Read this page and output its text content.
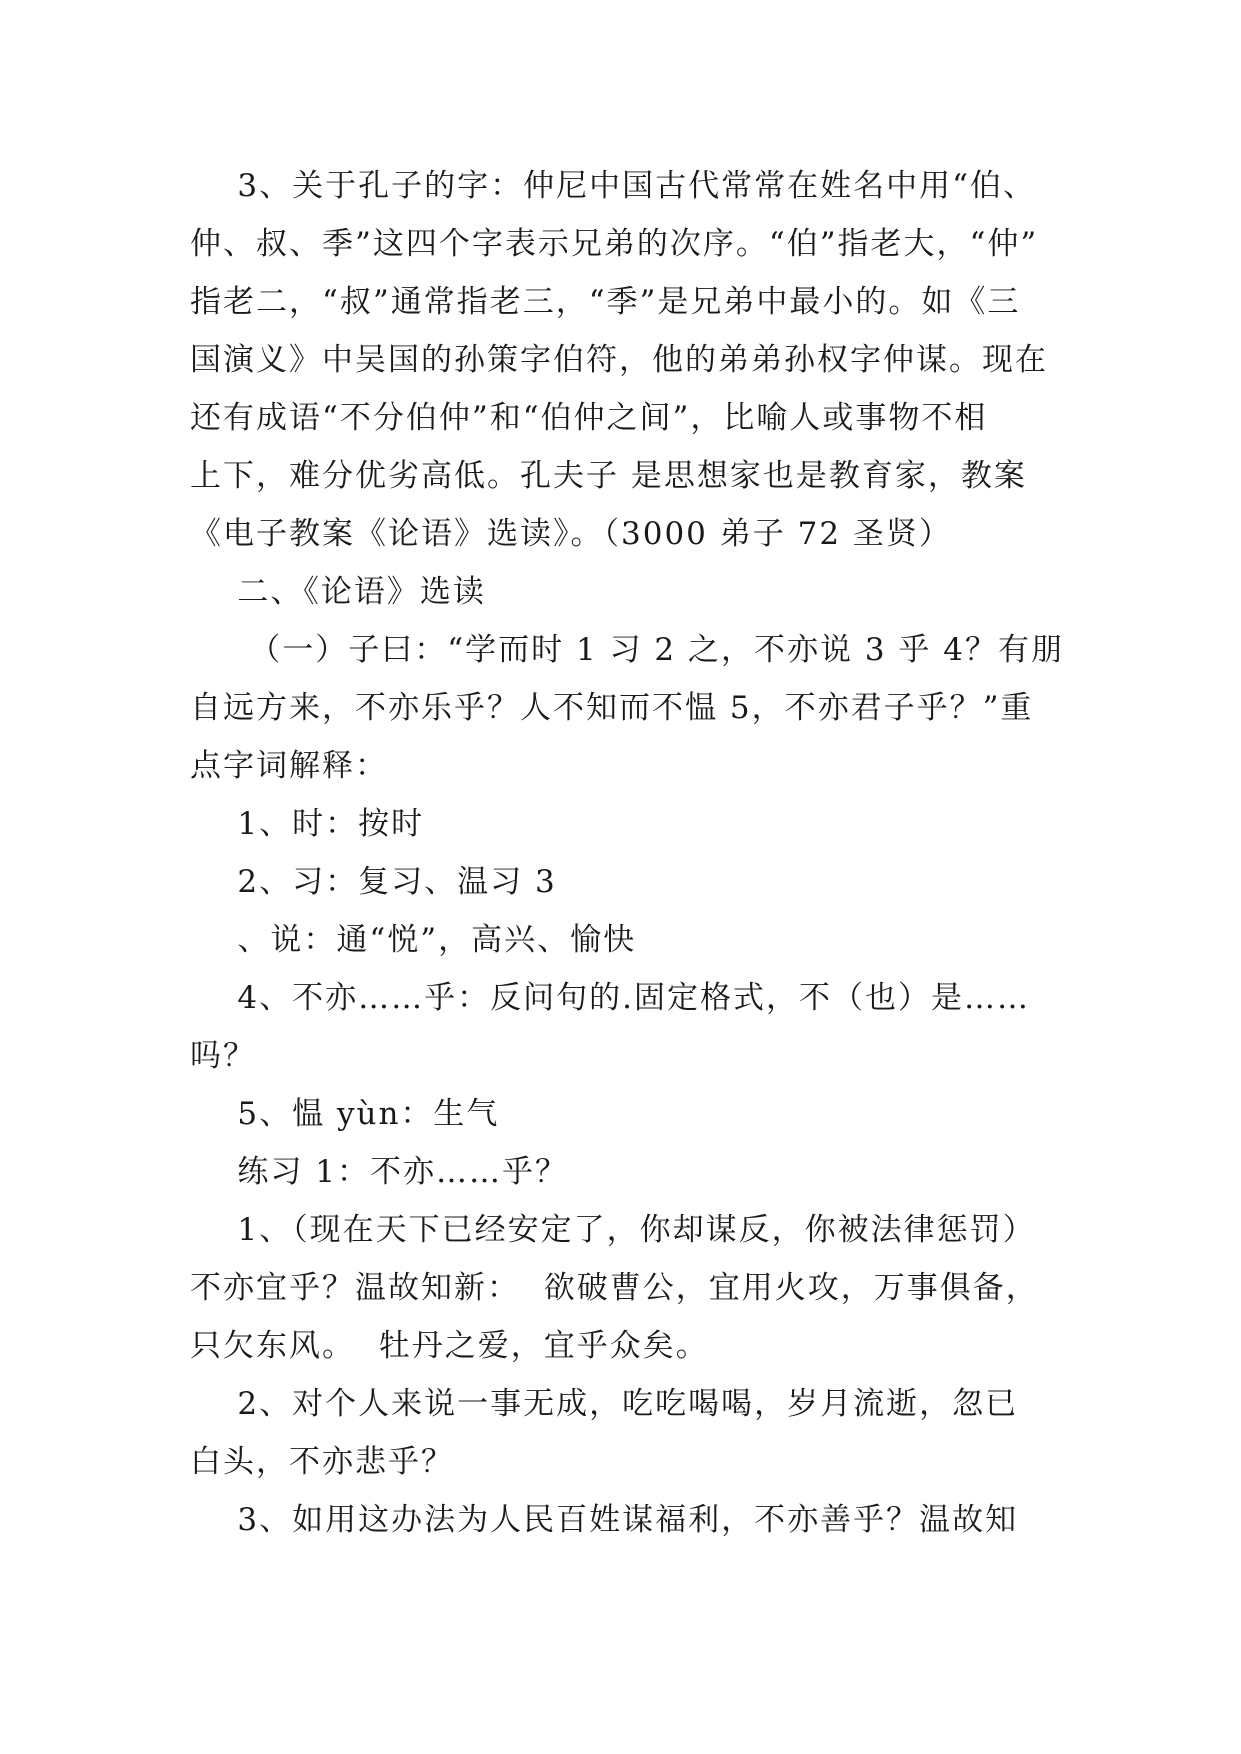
3、关于孔子的字：仲尼中国古代常常在姓名中用“伯、
仲、叔、季”这四个字表示兄弟的次序。“伯”指老大，“仲”
指老二，“叔”通常指老三，“季”是兄弟中最小的。如《三
国演义》中吴国的孙策字伯符，他的弟弟孙权字仲谋。现在
还有成语“不分伯仲”和“伯仲之间”，比喻人或事物不相
上下，难分优劣高低。孔夫子 是思想家也是教育家，教案
《电子教案《论语》选读》。（3000 弟子 72 圣贤）
二、《论语》选读
（一）子曰：“学而时 1 习 2 之，不亦说 3 乎 4？有朋
自远方来，不亦乐乎？人不知而不愠 5，不亦君子乎？”重
点字词解释：
1、时：按时
2、习：复习、温习 3
、说：通“悦”，高兴、愉快
4、不亦……乎：反问句的.固定格式，不（也）是……
吗？
5、愠 yùn：生气
练习 1：不亦……乎？
1、（现在天下已经安定了，你却谋反，你被法律惩罚）
不亦宜乎？温故知新：  欲破曹公，宜用火攻，万事俱备，
只欠东风。  牡丹之爱，宜乎众矣。
2、对个人来说一事无成，吃吃喝喝，岁月流逝，忽已
白头，不亦悲乎？
3、如用这办法为人民百姓谋福利，不亦善乎？温故知
